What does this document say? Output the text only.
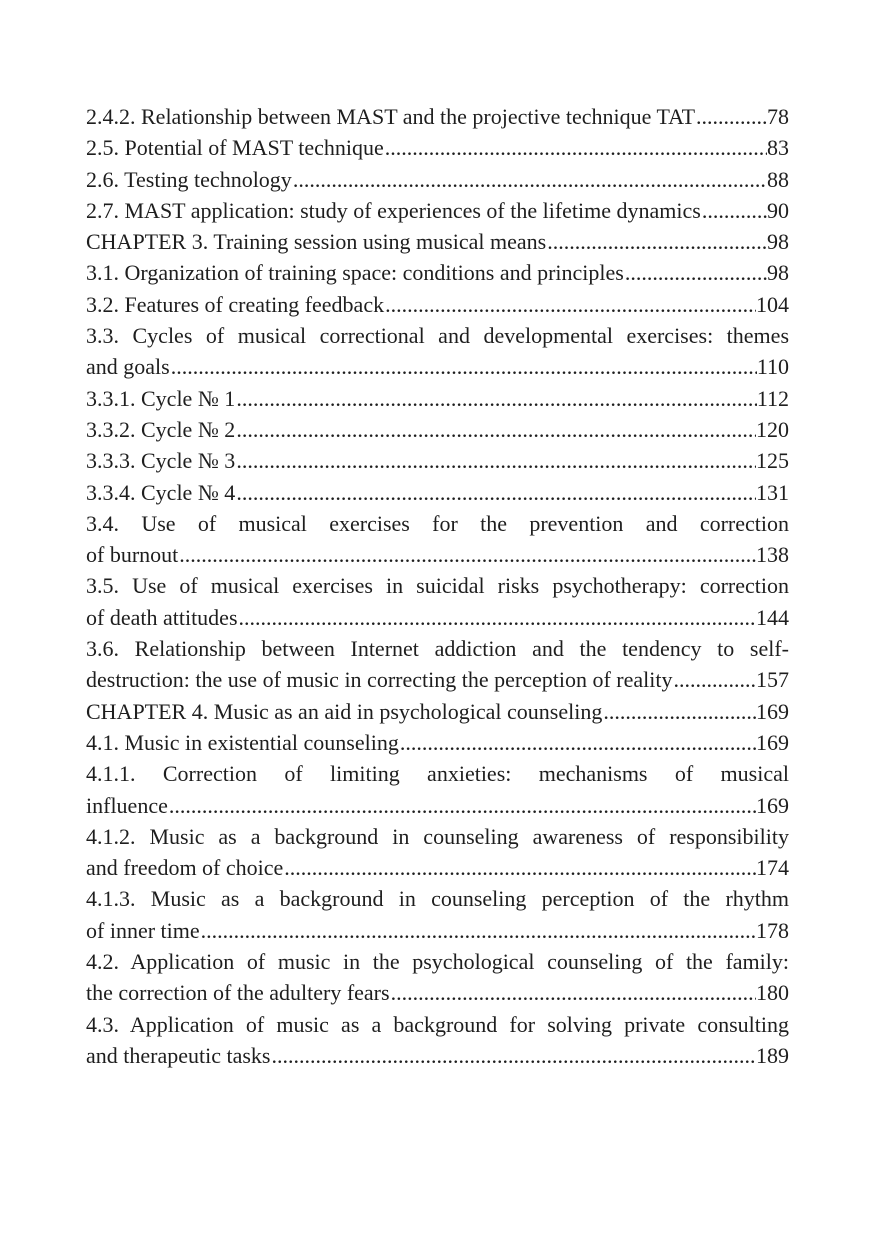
2.4.2. Relationship between MAST and the projective technique TAT .....	78
2.5. Potential of MAST technique .....	83
2.6. Testing technology .....	88
2.7. MAST application: study of experiences of the lifetime dynamics .....	90
CHAPTER 3. Training session using musical means .....	98
3.1. Organization of training space: conditions and principles .....	98
3.2. Features of creating feedback .....	104
3.3. Cycles of musical correctional and developmental exercises: themes
and goals .....	110
3.3.1. Cycle № 1 .....	112
3.3.2. Cycle № 2 .....	120
3.3.3. Cycle № 3 .....	125
3.3.4. Cycle № 4 .....	131
3.4. Use of musical exercises for the prevention and correction
of burnout .....	138
3.5. Use of musical exercises in suicidal risks psychotherapy: correction
of death attitudes .....	144
3.6. Relationship between Internet addiction and the tendency to self-
destruction: the use of music in correcting the perception of reality .....	157
CHAPTER 4. Music as an aid in psychological counseling .....	169
4.1. Music in existential counseling .....	169
4.1.1. Correction of limiting anxieties: mechanisms of musical
influence .....	169
4.1.2. Music as a background in counseling awareness of responsibility
and freedom of choice .....	174
4.1.3. Music as a background in counseling perception of the rhythm
of inner time .....	178
4.2. Application of music in the psychological counseling of the family:
the correction of the adultery fears .....	180
4.3. Application of music as a background for solving private consulting
and therapeutic tasks .....	189
